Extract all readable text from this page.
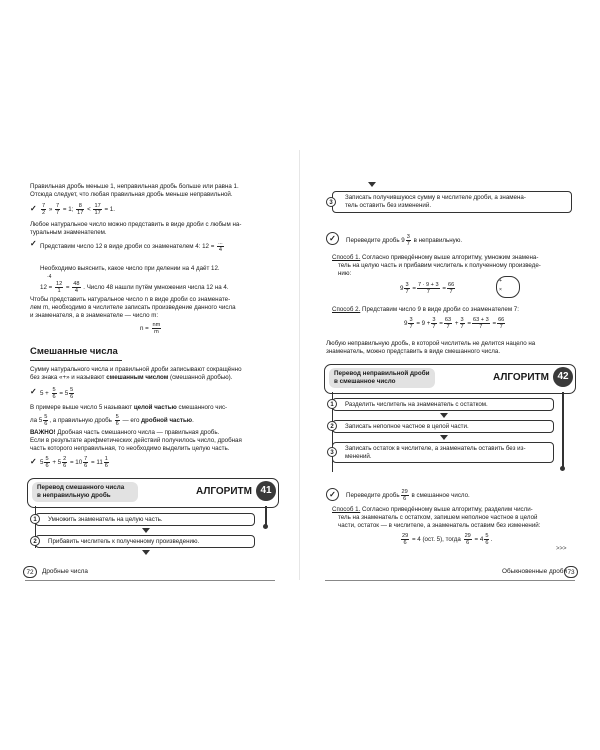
Правильная дробь меньше 1, неправильная дробь больше или равна 1.

Отсюда следует, что любая правильная дробь меньше неправильной.

✓ $\frac{7}{2}$ » $\frac{7}{7} = 1$; $\frac{8}{17} < \frac{17}{17} = 1$.

Любое натуральное число можно представить в виде дроби с любым на-

туральным знаменателем.

✓ Представим число 12 в виде дроби со знаменателем 4: 12 =
...
4

Необходимо выяснить, какое число при делении на 4 даёт 12.

·4

$12 = \frac{12}{1} = \frac{48}{4}$ . Число 48 нашли путём умножения числа 12 на 4.

Чтобы представить натуральное число n в виде дроби со знаменате-

лем m, необходимо в числителе записать произведение данного числа

и знаменателя, а в знаменателе — число m:

$n = \frac{nm}{m}$

Смешанные числа

Сумму натурального числа и правильной дроби записывают сокращённо

без знака «+» и называют смешанным числом (смешанной дробью).

✓ $5 + \frac{5}{6} = 5 \frac{5}{6}$

В примере выше число 5 называют целой частью смешанного чис-

ла $5 \frac{5}{6}$ , а правильную дробь $\frac{5}{6}$ — его дробной частью.

ВАЖНО! Дробная часть смешанного числа — правильная дробь.

Если в результате арифметических действий получилось число, дробная

часть которого неправильная, то необходимо выделить целую часть.

✓ $5 \frac{5}{6} + 5 \frac{2}{6} = 10 \frac{7}{6} = 11 \frac{1}{6}$

Перевод смешанного числа
в неправильную дробь	АЛГОРИТМ 41
Умножить знаменатель на целую часть.
1
Прибавить числитель к полученному произведению.
2
72	Дробные числа
Записать получившуюся сумму в числителе дроби, а знамена-
тель оставить без изменений.
3
✓	Переведите дробь $9 \frac{3}{7}$ в неправильную.

Способ 1. Согласно приведённому выше алгоритму, умножим знамена-

тель на целую часть и прибавим числитель к полученному произведе-

нию:

$9 \frac{3}{7} = \frac{7 \cdot 9 + 3}{7} = \frac{66}{7}$

+
×

Способ 2. Представим число 9 в виде дроби со знаменателем 7:

$9 \frac{3}{7} = 9 + \frac{3}{7} = \frac{63}{7} + \frac{3}{7} = \frac{63 + 3}{7} = \frac{66}{7}$

Любую неправильную дробь, в которой числитель не делится нацело на

знаменатель, можно представить в виде смешанного числа.

Перевод неправильной дроби
в смешанное число	АЛГОРИТМ 42
Разделить числитель на знаменатель с остатком.
1
Записать неполное частное в целой части.
2
Записать остаток в числителе, а знаменатель оставить без из-
менений.
3
✓	Переведите дробь $\frac{29}{6}$ в смешанное число.

Способ 1. Согласно приведённому выше алгоритму, разделим числи-

тель на знаменатель с остатком, запишем неполное частное в целой

части, остаток — в числителе, а знаменатель оставим без изменений:

$\frac{29}{6} = 4$ (ост. 5), тогда $\frac{29}{6} = 4 \frac{5}{6}$ .

>>>
Обыкновенные дроби 73
